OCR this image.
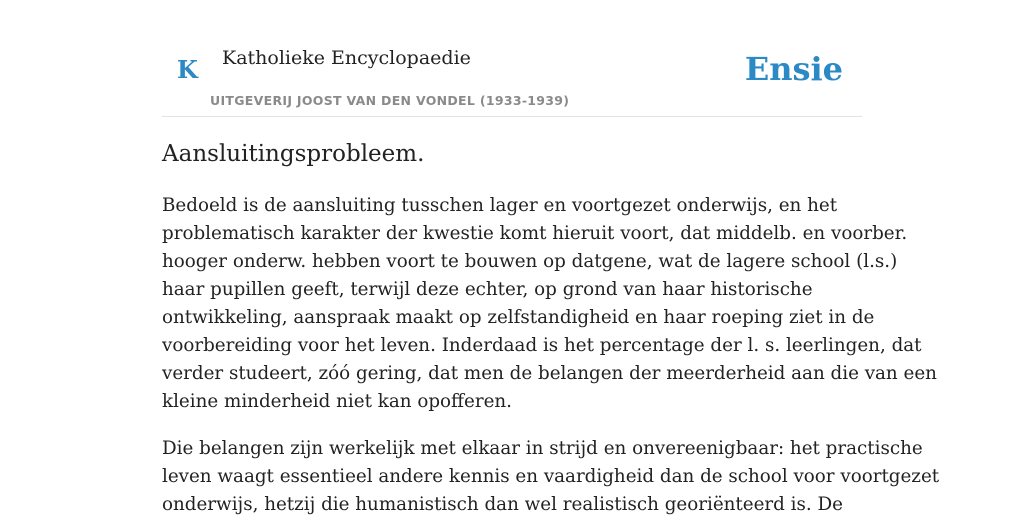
K Katholieke Encyclopaedie
UITGEVERIJ JOOST VAN DEN VONDEL (1933-1939)
Ensie
Aansluitingsprobleem.

Bedoeld is de aansluiting tusschen lager en voortgezet onderwijs, en het
problematisch karakter der kwestie komt hieruit voort, dat middelb. en voorber.
hooger onderw. hebben voort te bouwen op datgene, wat de lagere school (l.s.)
haar pupillen geeft, terwijl deze echter, op grond van haar historische
ontwikkeling, aanspraak maakt op zelfstandigheid en haar roeping ziet in de
voorbereiding voor het leven. Inderdaad is het percentage der l. s. leerlingen, dat
verder studeert, zóó gering, dat men de belangen der meerderheid aan die van een
kleine minderheid niet kan opofferen.

Die belangen zijn werkelijk met elkaar in strijd en onvereenigbaar: het practische
leven waagt essentieel andere kennis en vaardigheid dan de school voor voortgezet
onderwijs, hetzij die humanistisch dan wel realistisch georiënteerd is. De
